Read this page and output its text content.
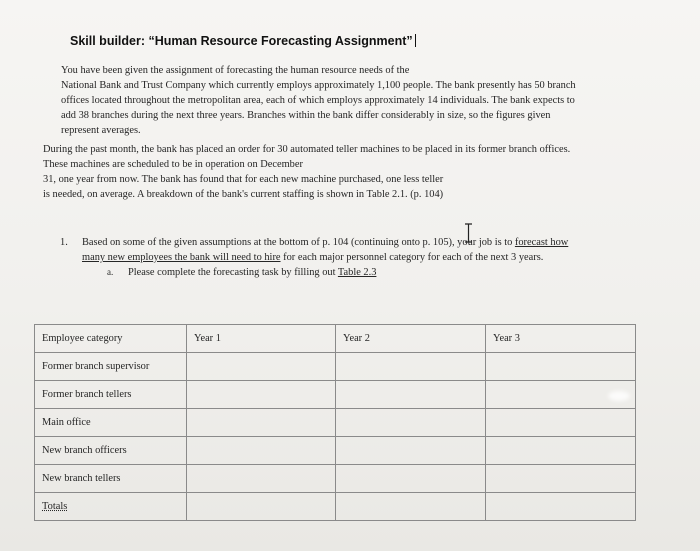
Skill builder: “Human Resource Forecasting Assignment”
You have been given the assignment of forecasting the human resource needs of the
National Bank and Trust Company which currently employs approximately 1,100 people. The bank presently has 50 branch
offices located throughout the metropolitan area, each of which employs approximately 14 individuals. The bank expects to
add 38 branches during the next three years. Branches within the bank differ considerably in size, so the figures given
represent averages.
During the past month, the bank has placed an order for 30 automated teller machines to be placed in its former branch offices.
These machines are scheduled to be in operation on December
31, one year from now. The bank has found that for each new machine purchased, one less teller
is needed, on average. A breakdown of the bank's current staffing is shown in Table 2.1. (p. 104)
1. Based on some of the given assumptions at the bottom of p. 104 (continuing onto p. 105), your job is to forecast how
many new employees the bank will need to hire for each major personnel category for each of the next 3 years.
a. Please complete the forecasting task by filling out Table 2.3
Employee category	Year 1	Year 2	Year 3
Former branch supervisor			
Former branch tellers			
Main office			
New branch officers			
New branch tellers			
Totals			
